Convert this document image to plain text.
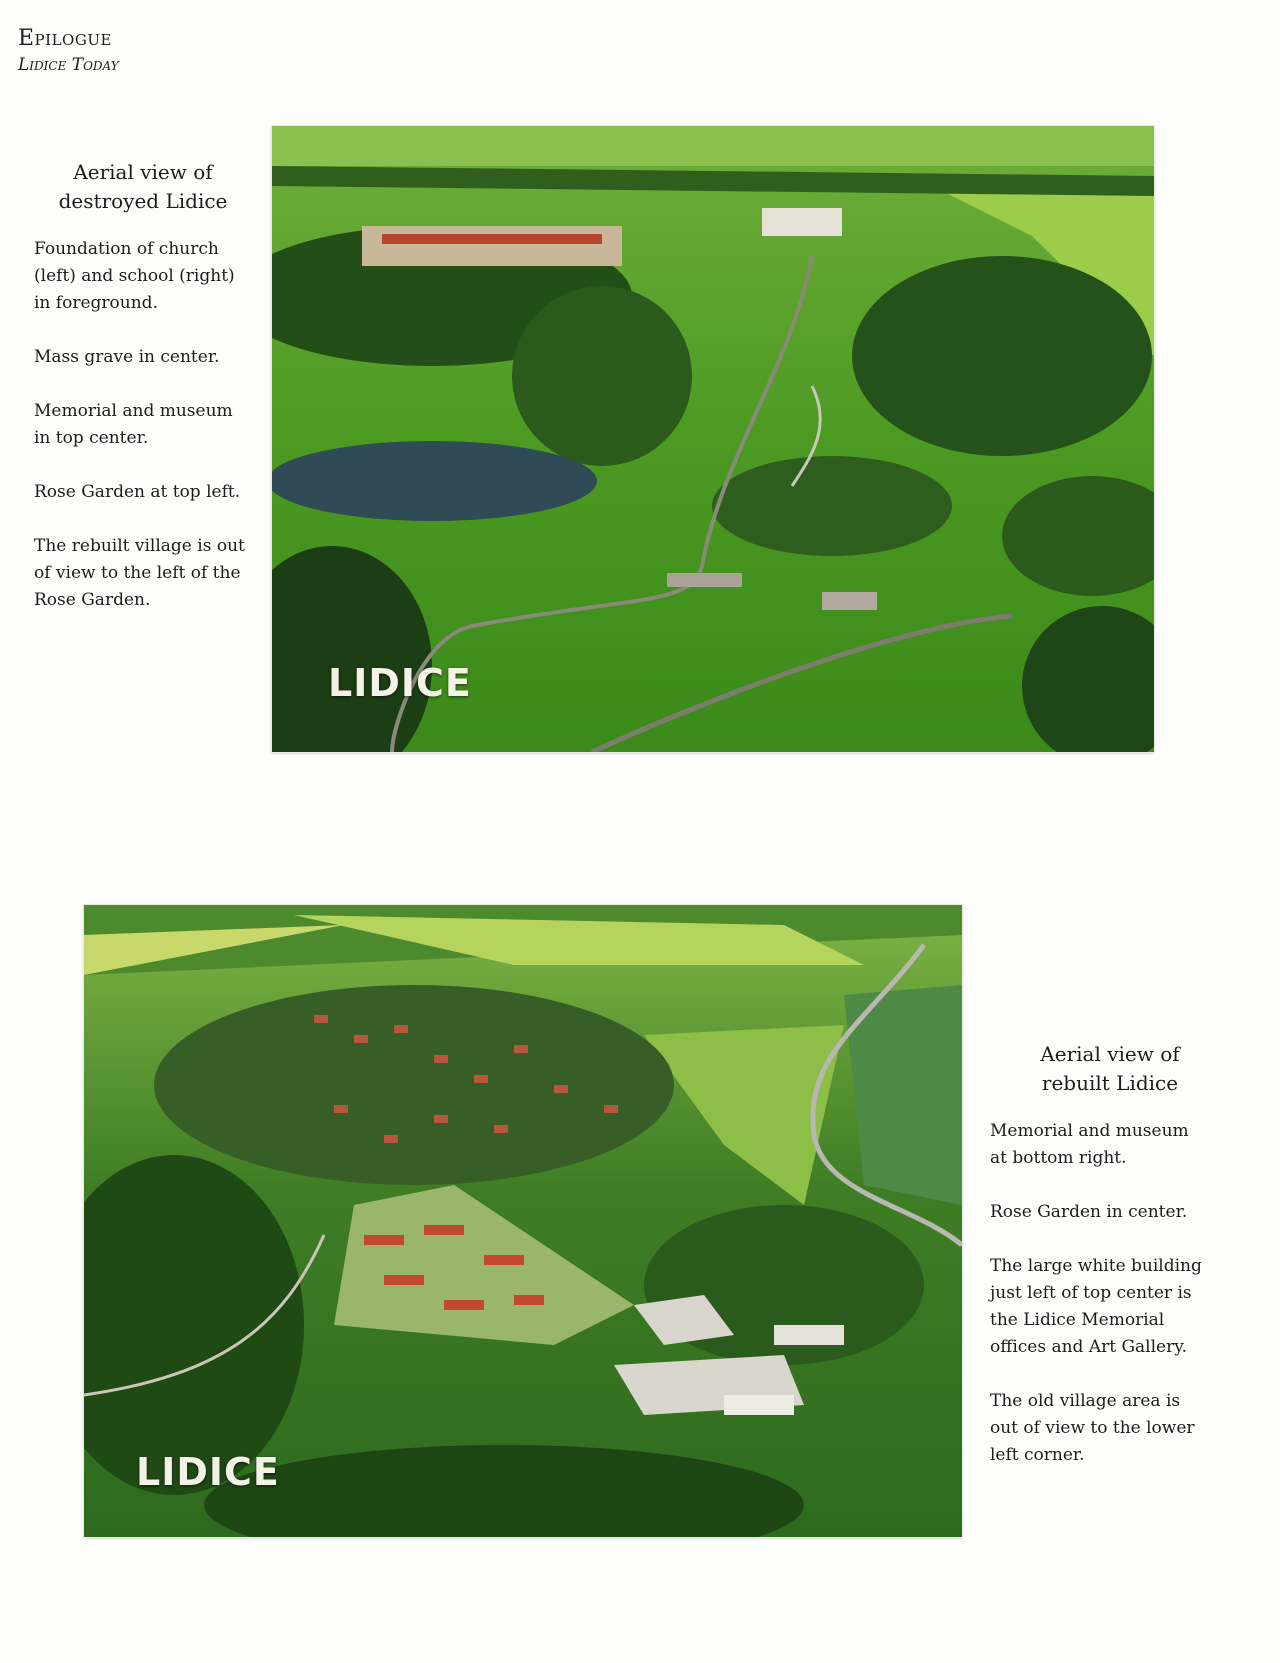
Epilogue
Lidice Today
Aerial view of
destroyed Lidice
Foundation of church
(left) and school (right)
in foreground.
Mass grave in center.
Memorial and museum
in top center.
Rose Garden at top left.
The rebuilt village is out
of view to the left of the
Rose Garden.
LIDICE
LIDICE
Aerial view of
rebuilt Lidice
Memorial and museum
at bottom right.
Rose Garden in center.
The large white building
just left of top center is
the Lidice Memorial
offices and Art Gallery.
The old village area is
out of view to the lower
left corner.
